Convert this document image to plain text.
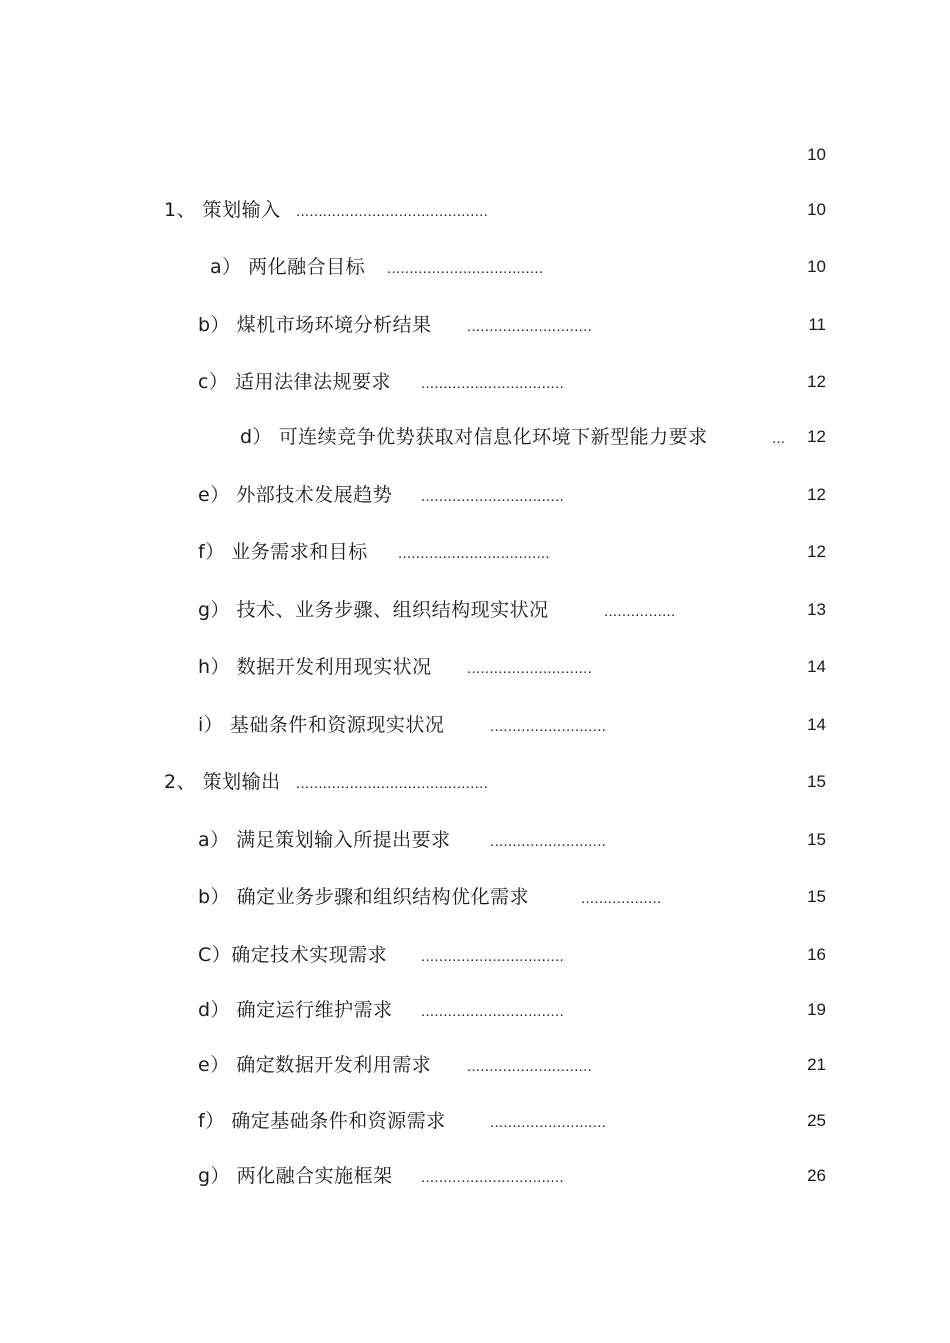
10
1、 策划输入 ...........................................	10
a） 两化融合目标 ...................................	10
b） 煤机市场环境分析结果 ............................	11
c） 适用法律法规要求 ................................	12
d） 可连续竞争优势获取对信息化环境下新型能力要求	... 12
e） 外部技术发展趋势 ................................	12
f） 业务需求和目标 ..................................	12
g） 技术、业务步骤、组织结构现实状况	................	13
h） 数据开发利用现实状况 ............................	14
i） 基础条件和资源现实状况	..........................	14
2、 策划输出 ...........................................	15
a） 满足策划输入所提出要求	..........................	15
b） 确定业务步骤和组织结构优化需求	..................	15
C）确定技术实现需求 ................................	16
d） 确定运行维护需求 ................................	19
e） 确定数据开发利用需求 ............................	21
f） 确定基础条件和资源需求	..........................	25
g） 两化融合实施框架 ................................	26
